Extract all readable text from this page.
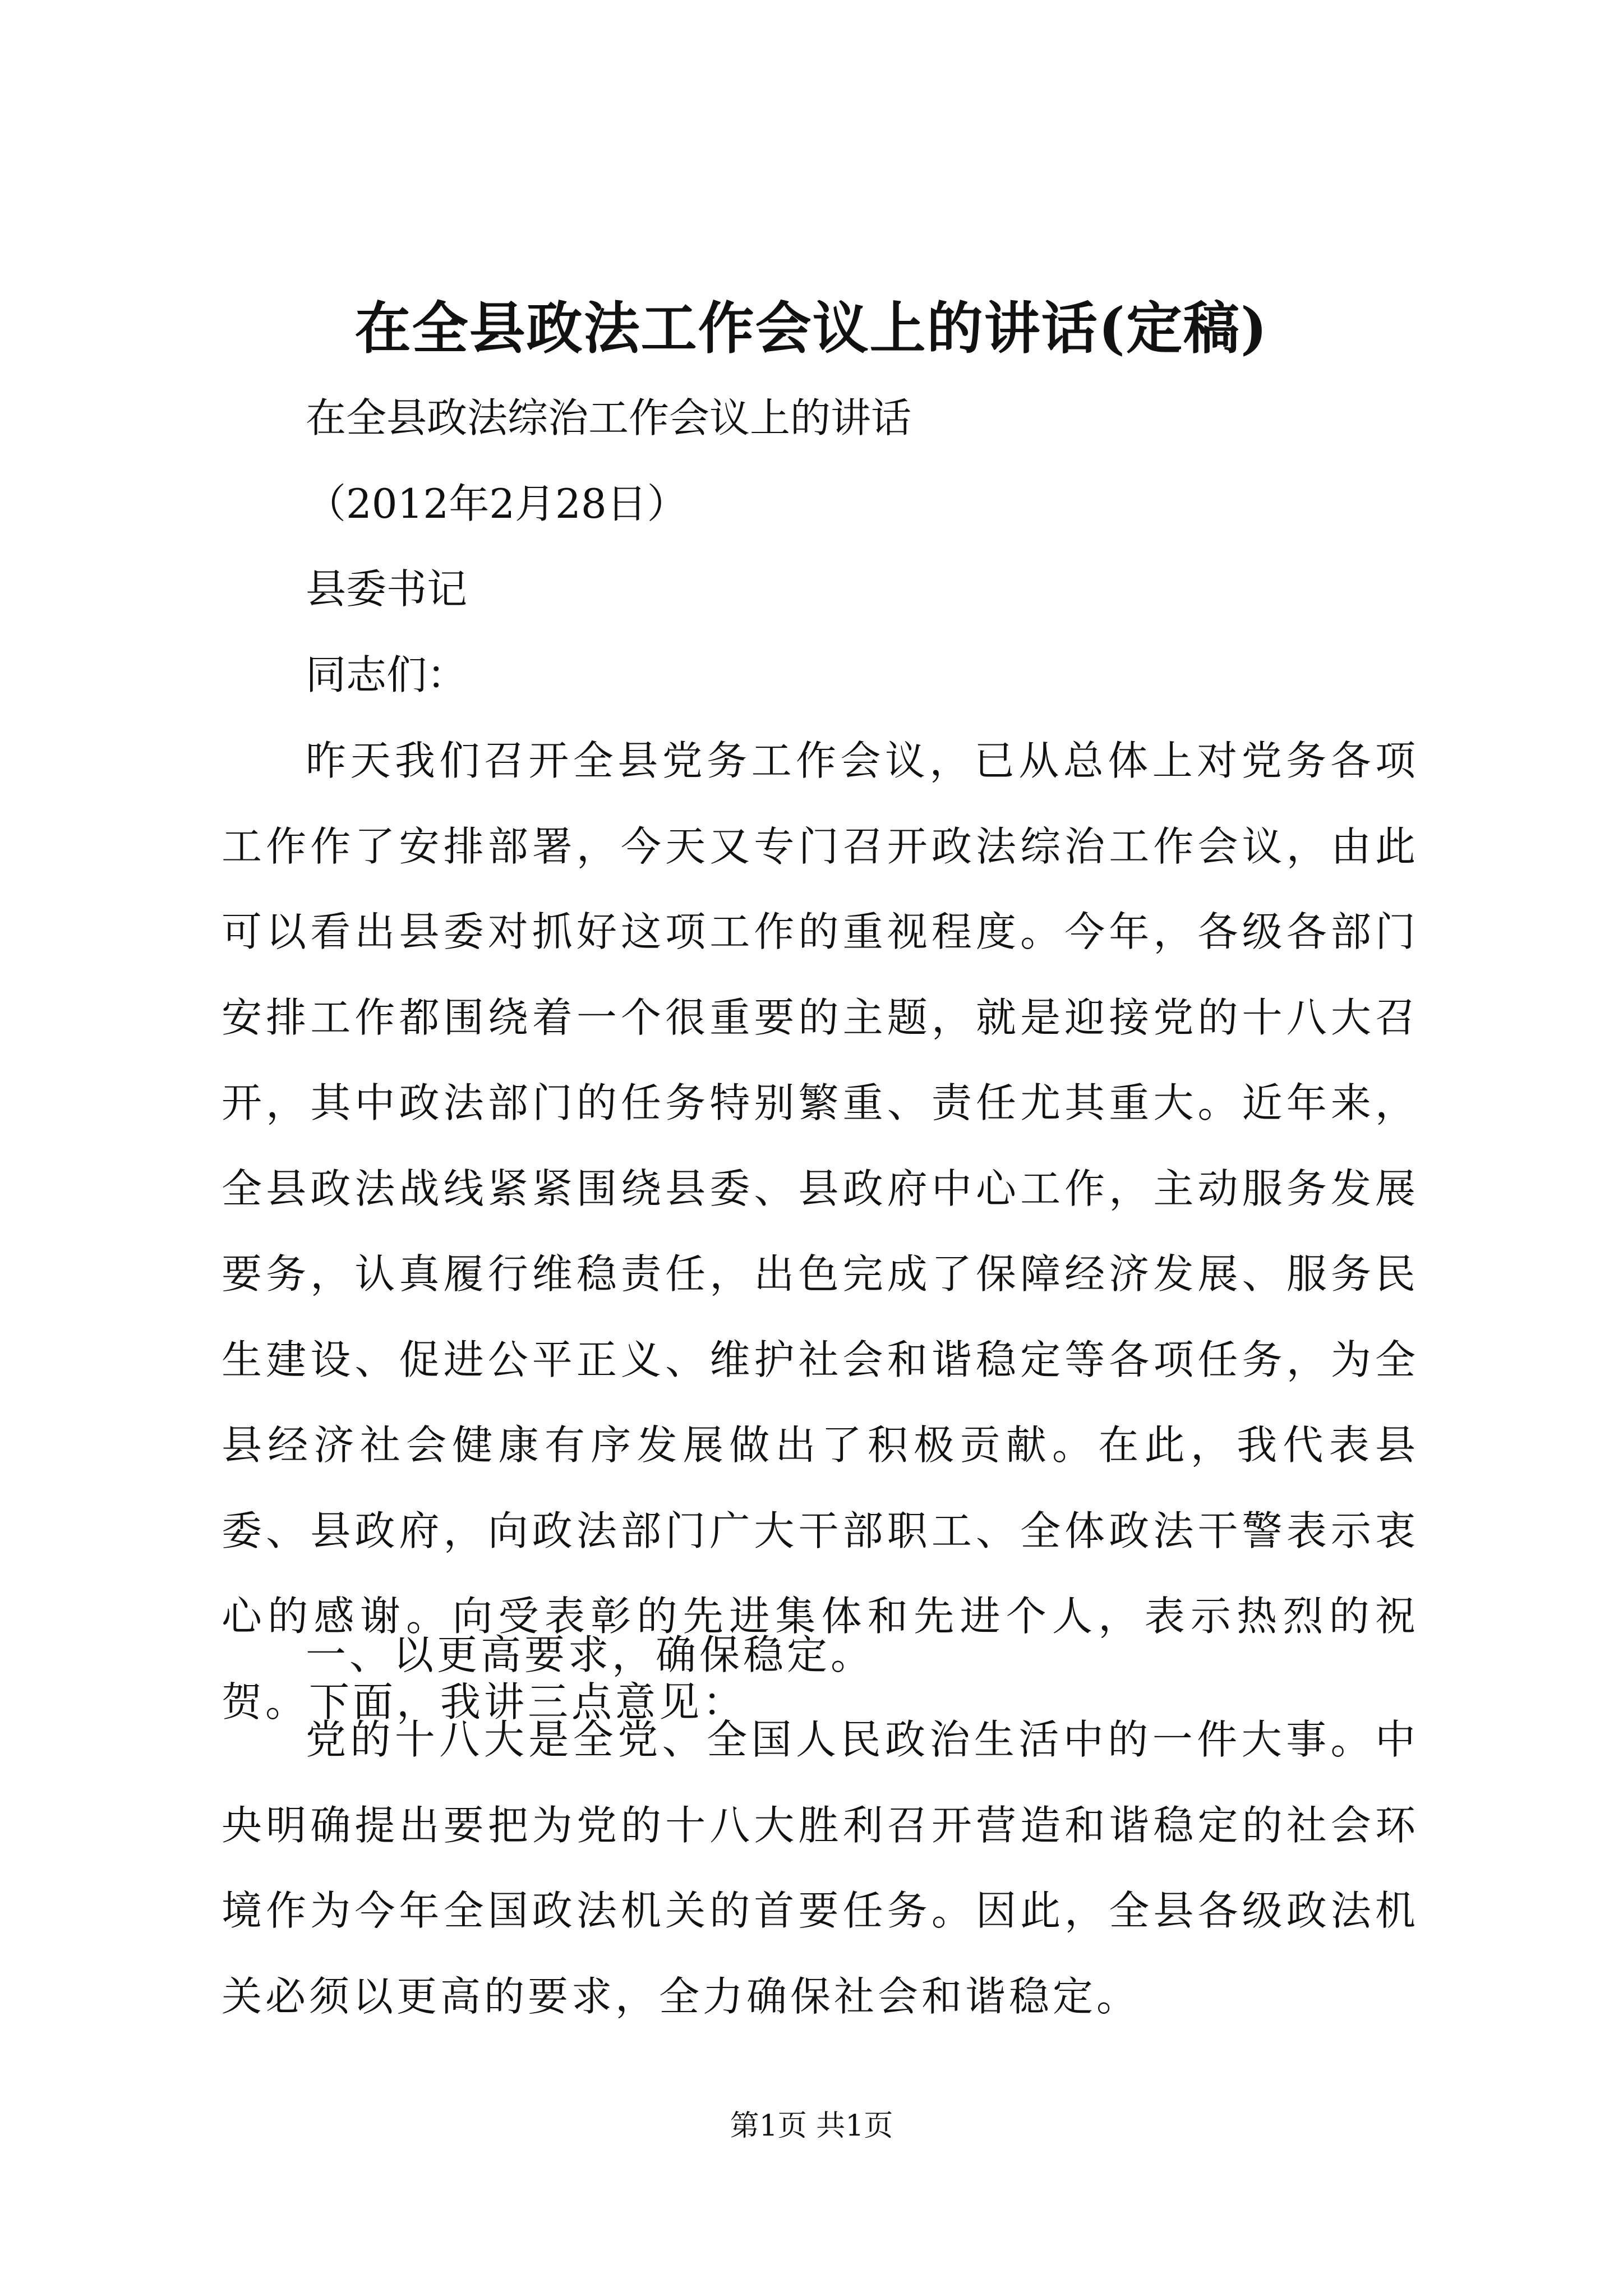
在全县政法工作会议上的讲话(定稿)
在全县政法综治工作会议上的讲话
（2012年2月28日）
县委书记
同志们：
昨天我们召开全县党务工作会议，已从总体上对党务各项工作作了安排部署，今天又专门召开政法综治工作会议，由此可以看出县委对抓好这项工作的重视程度。今年，各级各部门安排工作都围绕着一个很重要的主题，就是迎接党的十八大召开，其中政法部门的任务特别繁重、责任尤其重大。近年来，全县政法战线紧紧围绕县委、县政府中心工作，主动服务发展要务，认真履行维稳责任，出色完成了保障经济发展、服务民生建设、促进公平正义、维护社会和谐稳定等各项任务，为全县经济社会健康有序发展做出了积极贡献。在此，我代表县委、县政府，向政法部门广大干部职工、全体政法干警表示衷心的感谢。向受表彰的先进集体和先进个人，表示热烈的祝贺。下面，我讲三点意见：
一、以更高要求，确保稳定。
党的十八大是全党、全国人民政治生活中的一件大事。中央明确提出要把为党的十八大胜利召开营造和谐稳定的社会环境作为今年全国政法机关的首要任务。因此，全县各级政法机关必须以更高的要求，全力确保社会和谐稳定。
第1页 共1页
